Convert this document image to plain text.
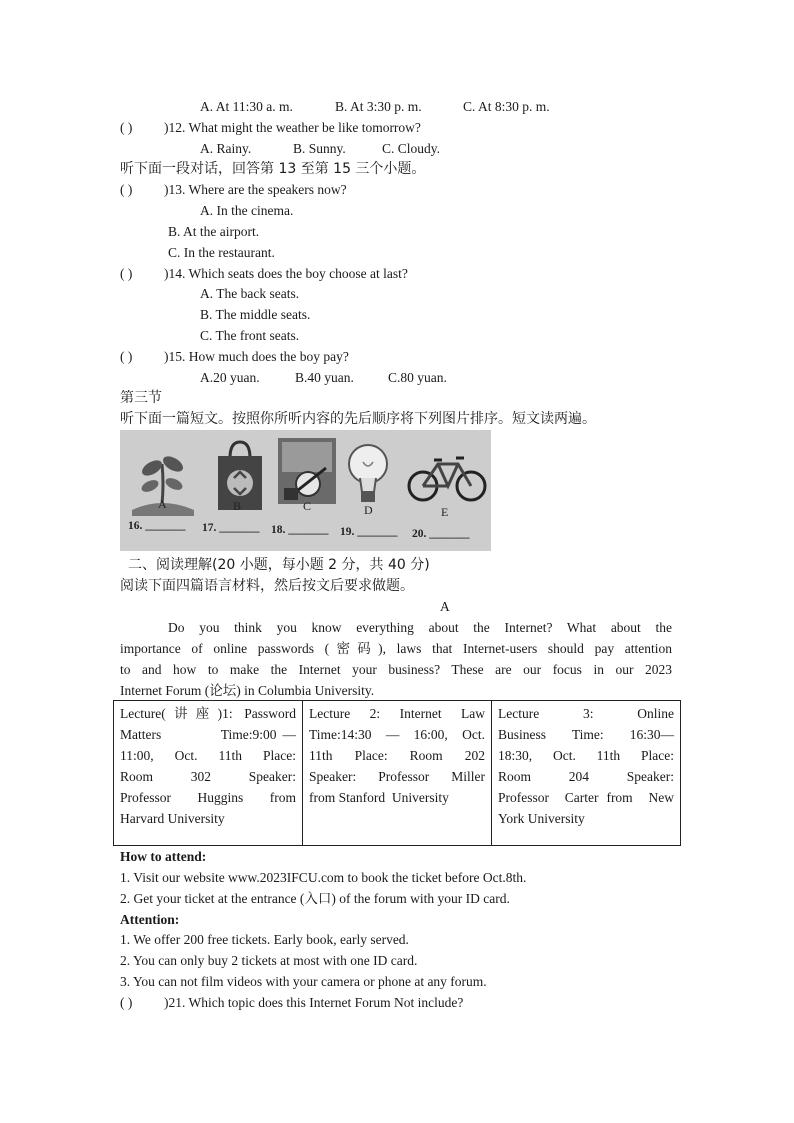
A. At 11:30 a. m.	B. At 3:30 p. m.	C. At 8:30 p. m.
( ) )12. What might the weather be like tomorrow?
A. Rainy.	B. Sunny.	C. Cloudy.
听下面一段对话，回答第 13 至第 15 三个小题。
( ) )13. Where are the speakers now?
A. In the cinema.
B. At the airport.
C. In the restaurant.
( ) )14. Which seats does the boy choose at last?
A. The back seats.
B. The middle seats.
C. The front seats.
( ) )15. How much does the boy pay?
A.20 yuan.	B.40 yuan.	C.80 yuan.
第三节
听下面一篇短文。按照你所听内容的先后顺序将下列图片排序。短文读两遍。
A	B	C	D	E
16. _______ 17. _______ 18. _______ 19. _______ 20. _______
二、阅读理解(20 小题，每小题 2 分，共 40 分)
阅读下面四篇语言材料，然后按文后要求做题。
A
Do you think you know everything about the Internet? What about the
importance of online passwords (密码), laws that Internet-users should pay attention
to and how to make the Internet your business? These are our focus in our 2023
Internet Forum (论坛) in Columbia University.
Lecture(讲座)1: Password
Matters          Time:9:00 —
11:00,    Oct.    11th    Place:
Room        302        Speaker:
Professor    Huggins    from
Harvard University

Lecture  2:  Internet  Law
Time:14:30 — 16:00, Oct.
11th    Place:    Room    202
Speaker:  Professor  Miller
from Stanford  University

Lecture       3:       Online
Business    Time:    16:30—
18:30,    Oct.    11th    Place:
Room        204        Speaker:
Professor  Carter from  New
York University
How to attend:
1. Visit our website www.2023IFCU.com to book the ticket before Oct.8th.
2. Get your ticket at the entrance (入口) of the forum with your ID card.
Attention:
1. We offer 200 free tickets. Early book, early served.
2. You can only buy 2 tickets at most with one ID card.
3. You can not film videos with your camera or phone at any forum.
( ) )21. Which topic does this Internet Forum Not include?
